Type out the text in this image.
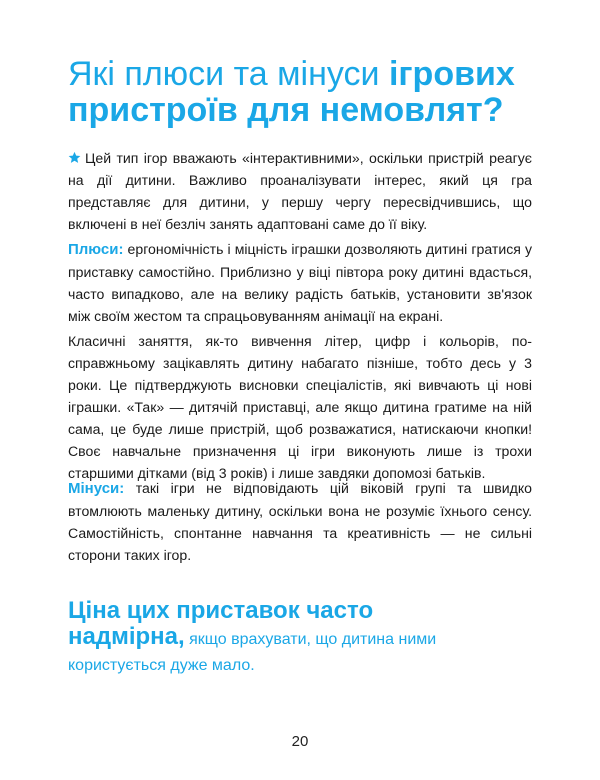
Які плюси та мінуси ігрових пристроїв для немовлят?
Цей тип ігор вважають «інтерактивними», оскільки пристрій реагує на дії дитини. Важливо проаналізувати інтерес, який ця гра представляє для дитини, у першу чергу пересвідчившись, що включені в неї безліч занять адаптовані саме до її віку.
Плюси: ергономічність і міцність іграшки дозволяють дитині гратися у приставку самостійно. Приблизно у віці півтора року дитині вдасться, часто випадково, але на велику радість батьків, установити зв'язок між своїм жестом та спрацьовуванням анімації на екрані.
Класичні заняття, як-то вивчення літер, цифр і кольорів, по-справжньому зацікавлять дитину набагато пізніше, тобто десь у 3 роки. Це підтверджують висновки спеціалістів, які вивчають ці нові іграшки. «Так» — дитячій приставці, але якщо дитина гратиме на ній сама, це буде лише пристрій, щоб розважатися, натискаючи кнопки! Своє навчальне призначення ці ігри виконують лише із трохи старшими дітками (від 3 років) і лише завдяки допомозі батьків.
Мінуси: такі ігри не відповідають цій віковій групі та швидко втомлюють маленьку дитину, оскільки вона не розуміє їхнього сенсу. Самостійність, спонтанне навчання та креативність — не сильні сторони таких ігор.
Ціна цих приставок часто
надмірна, якщо врахувати, що дитина ними
користується дуже мало.
20
